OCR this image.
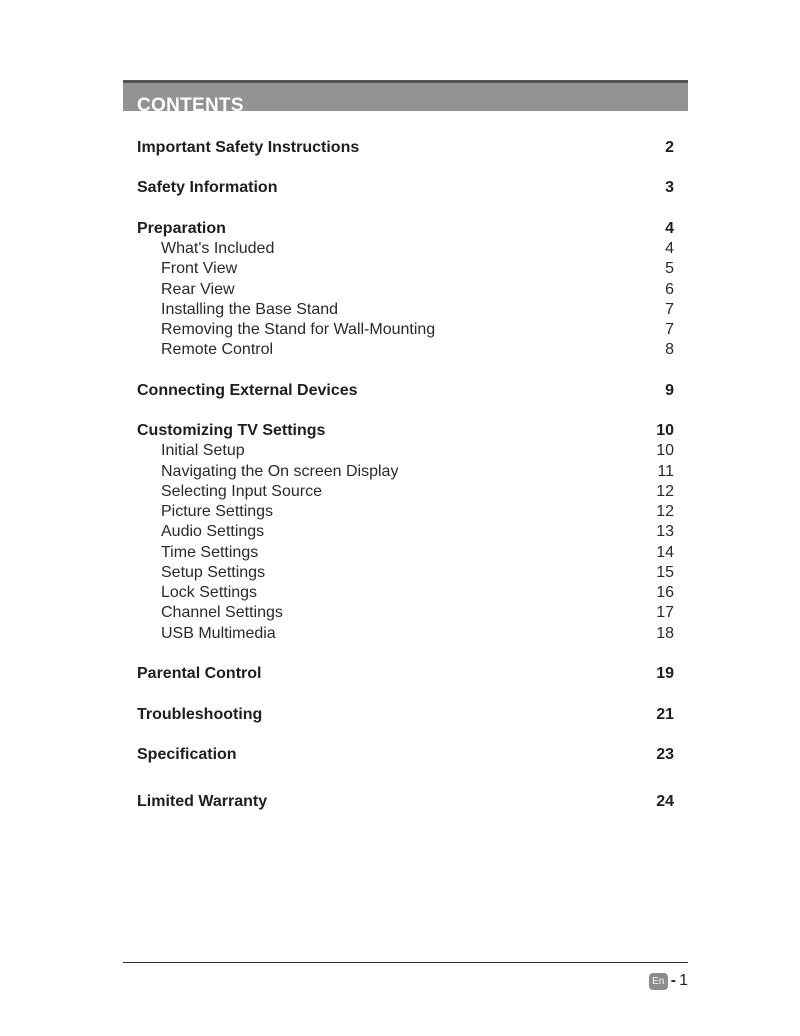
CONTENTS
Important Safety Instructions	2
Safety Information	3
Preparation	4
What's Included	4
Front View	5
Rear View	6
Installing the Base Stand	7
Removing the Stand for Wall-Mounting	7
Remote Control	8
Connecting External Devices	9
Customizing TV Settings	10
Initial Setup	10
Navigating the On screen Display	11
Selecting Input Source	12
Picture Settings	12
Audio Settings	13
Time Settings	14
Setup Settings	15
Lock Settings	16
Channel Settings	17
USB Multimedia	18
Parental Control	19
Troubleshooting	21
Specification	23
Limited Warranty	24
En - 1
